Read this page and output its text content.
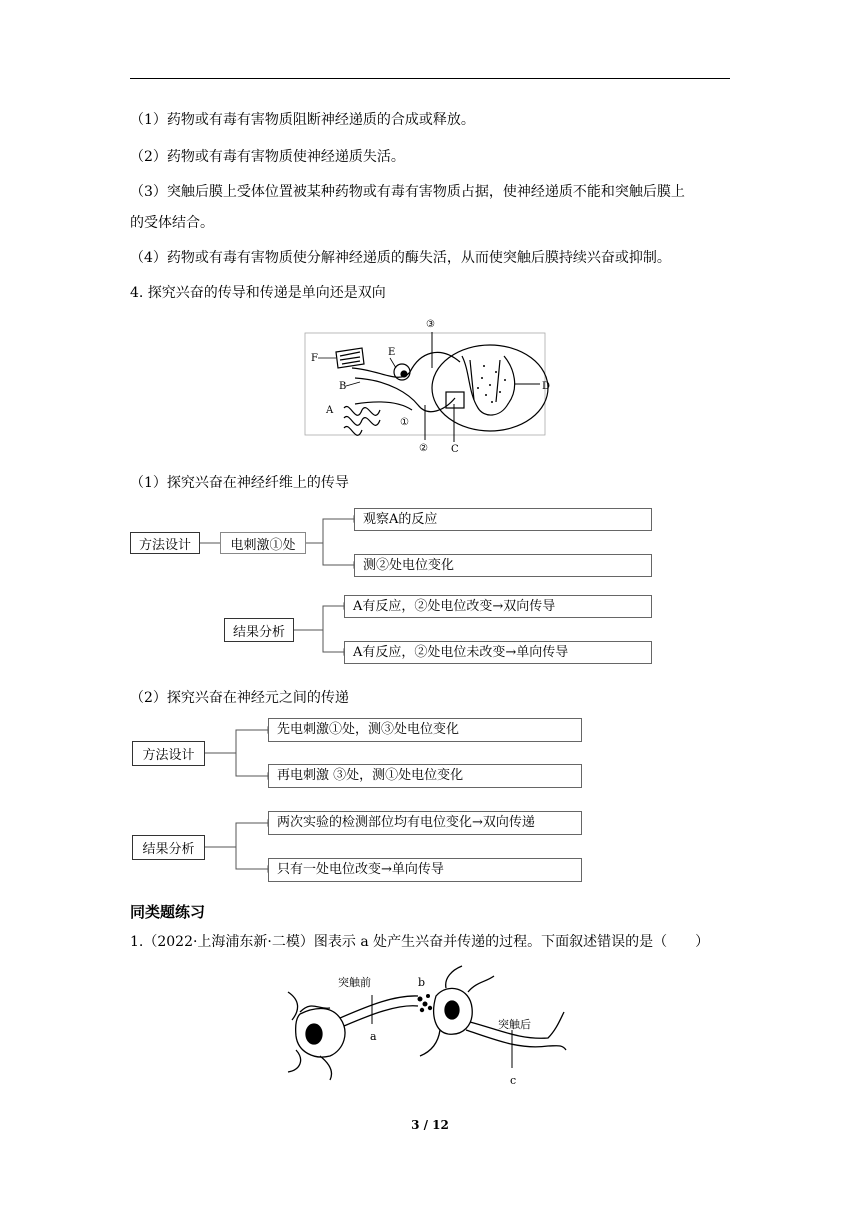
（1）药物或有毒有害物质阻断神经递质的合成或释放。
（2）药物或有毒有害物质使神经递质失活。
（3）突触后膜上受体位置被某种药物或有毒有害物质占据，使神经递质不能和突触后膜上
的受体结合。
（4）药物或有毒有害物质使分解神经递质的酶失活，从而使突触后膜持续兴奋或抑制。
4. 探究兴奋的传导和传递是单向还是双向
F
E
B
A
D
C
①
②
③
（1）探究兴奋在神经纤维上的传导
方法设计	电刺激①处
观察A的反应
测②处电位变化
结果分析
A有反应，②处电位改变→双向传导
A有反应，②处电位未改变→单向传导
（2）探究兴奋在神经元之间的传递
方法设计
先电刺激①处，测③处电位变化
再电刺激 ③处，测①处电位变化
结果分析
两次实验的检测部位均有电位变化→双向传递
只有一处电位改变→单向传导
同类题练习
1.（2022·上海浦东新·二模）图表示 a 处产生兴奋并传递的过程。下面叙述错误的是（　　）
突触前	b
a
突触后
c
3 / 12
